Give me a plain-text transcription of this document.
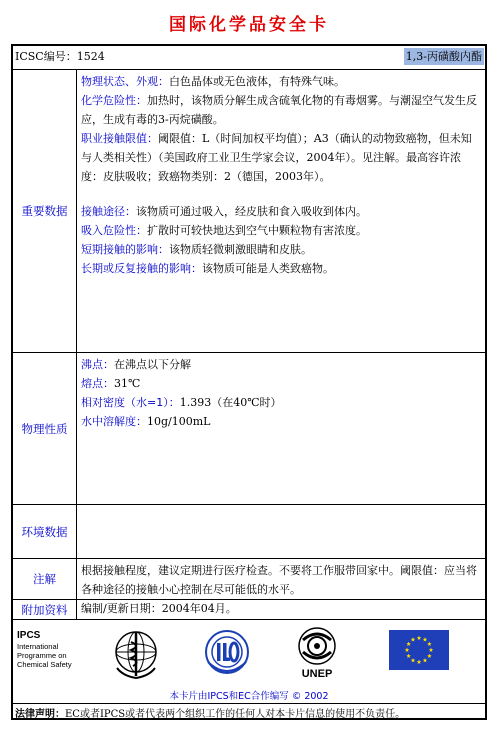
国际化学品安全卡
ICSC编号：1524	1,3-丙磺酸内酯
重要数据

物理状态、外观：白色晶体或无色液体，有特殊气味。

化学危险性：加热时，该物质分解生成含硫氧化物的有毒烟雾。与潮湿空气发生反应，生成有毒的3-丙烷磺酸。

职业接触限值：阈限值：L（时间加权平均值）；A3（确认的动物致癌物，但未知与人类相关性）（美国政府工业卫生学家会议，2004年）。见注解。最高容许浓度：皮肤吸收；致癌物类别：2（德国，2003年）。

接触途径：该物质可通过吸入，经皮肤和食入吸收到体内。

吸入危险性：扩散时可较快地达到空气中颗粒物有害浓度。

短期接触的影响：该物质轻微刺激眼睛和皮肤。

长期或反复接触的影响：该物质可能是人类致癌物。

物理性质

沸点：在沸点以下分解

熔点：31℃

相对密度（水=1）：1.393（在40℃时）

水中溶解度：10g/100mL

环境数据
注解
根据接触程度，建议定期进行医疗检查。不要将工作服带回家中。阈限值：应当将各种途径的接触小心控制在尽可能低的水平。
附加资料	编制/更新日期：2004年04月。
IPCS
International
Programme on
Chemical Safety
UNEP
本卡片由IPCS和EC合作编写 © 2002
法律声明：EC或者IPCS或者代表两个组织工作的任何人对本卡片信息的使用不负责任。
